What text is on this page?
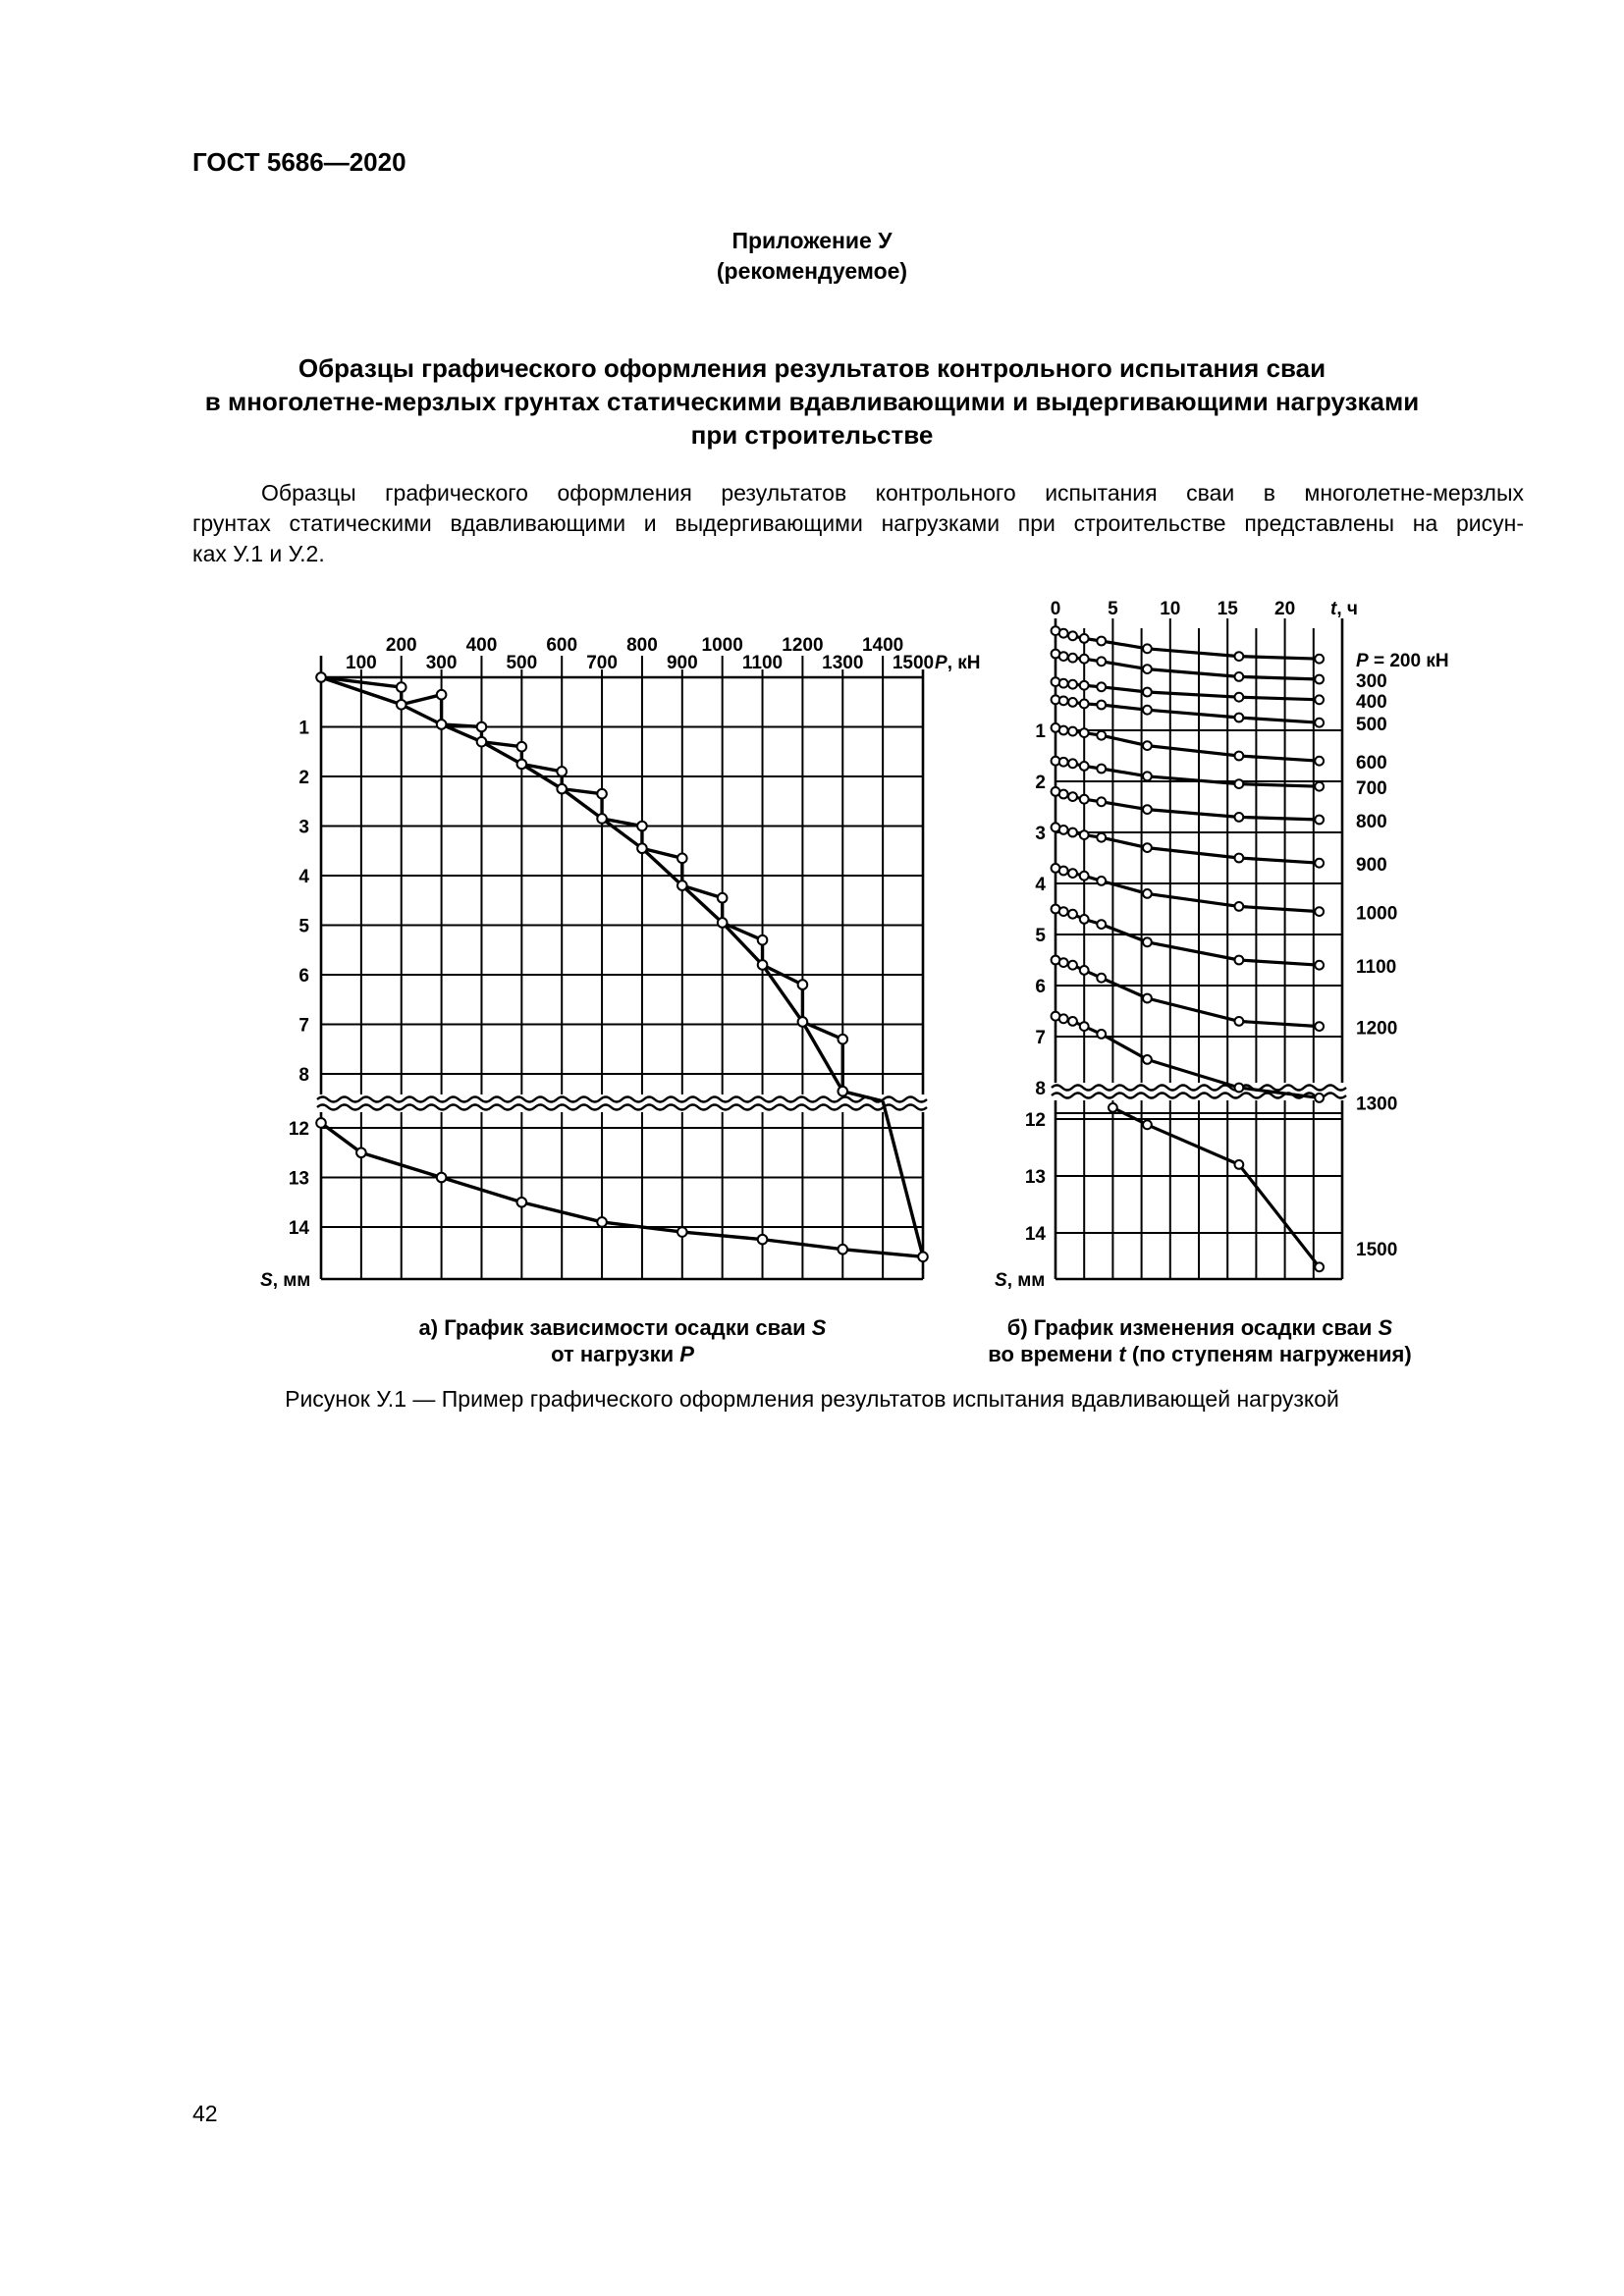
ГОСТ 5686—2020
Приложение У
(рекомендуемое)
Образцы графического оформления результатов контрольного испытания сваи
в многолетне-мерзлых грунтах статическими вдавливающими и выдергивающими нагрузками
при строительстве
Образцы графического оформления результатов контрольного испытания сваи в многолетне-мерзлых
грунтах статическими вдавливающими и выдергивающими нагрузками при строительстве представлены на рисун-
ках У.1 и У.2.
200	400	600	800 1000 1200 1400
100	300	500	700	900 1100 1300 1500 P, кН
1
2
3
4
5
6
7
8
12
13
14
S, мм
а) График зависимости осадки сваи S
от нагрузки P
0	5 10 15 20 t, ч
1
2
3
4
5
6
7
8
12
13
14
S, мм
P = 200 кН
300
400
500
600
700
800
900
1000
1100
1200
1300
1500
б) График изменения осадки сваи S
во времени t (по ступеням нагружения)
Рисунок У.1 — Пример графического оформления результатов испытания вдавливающей нагрузкой
42
